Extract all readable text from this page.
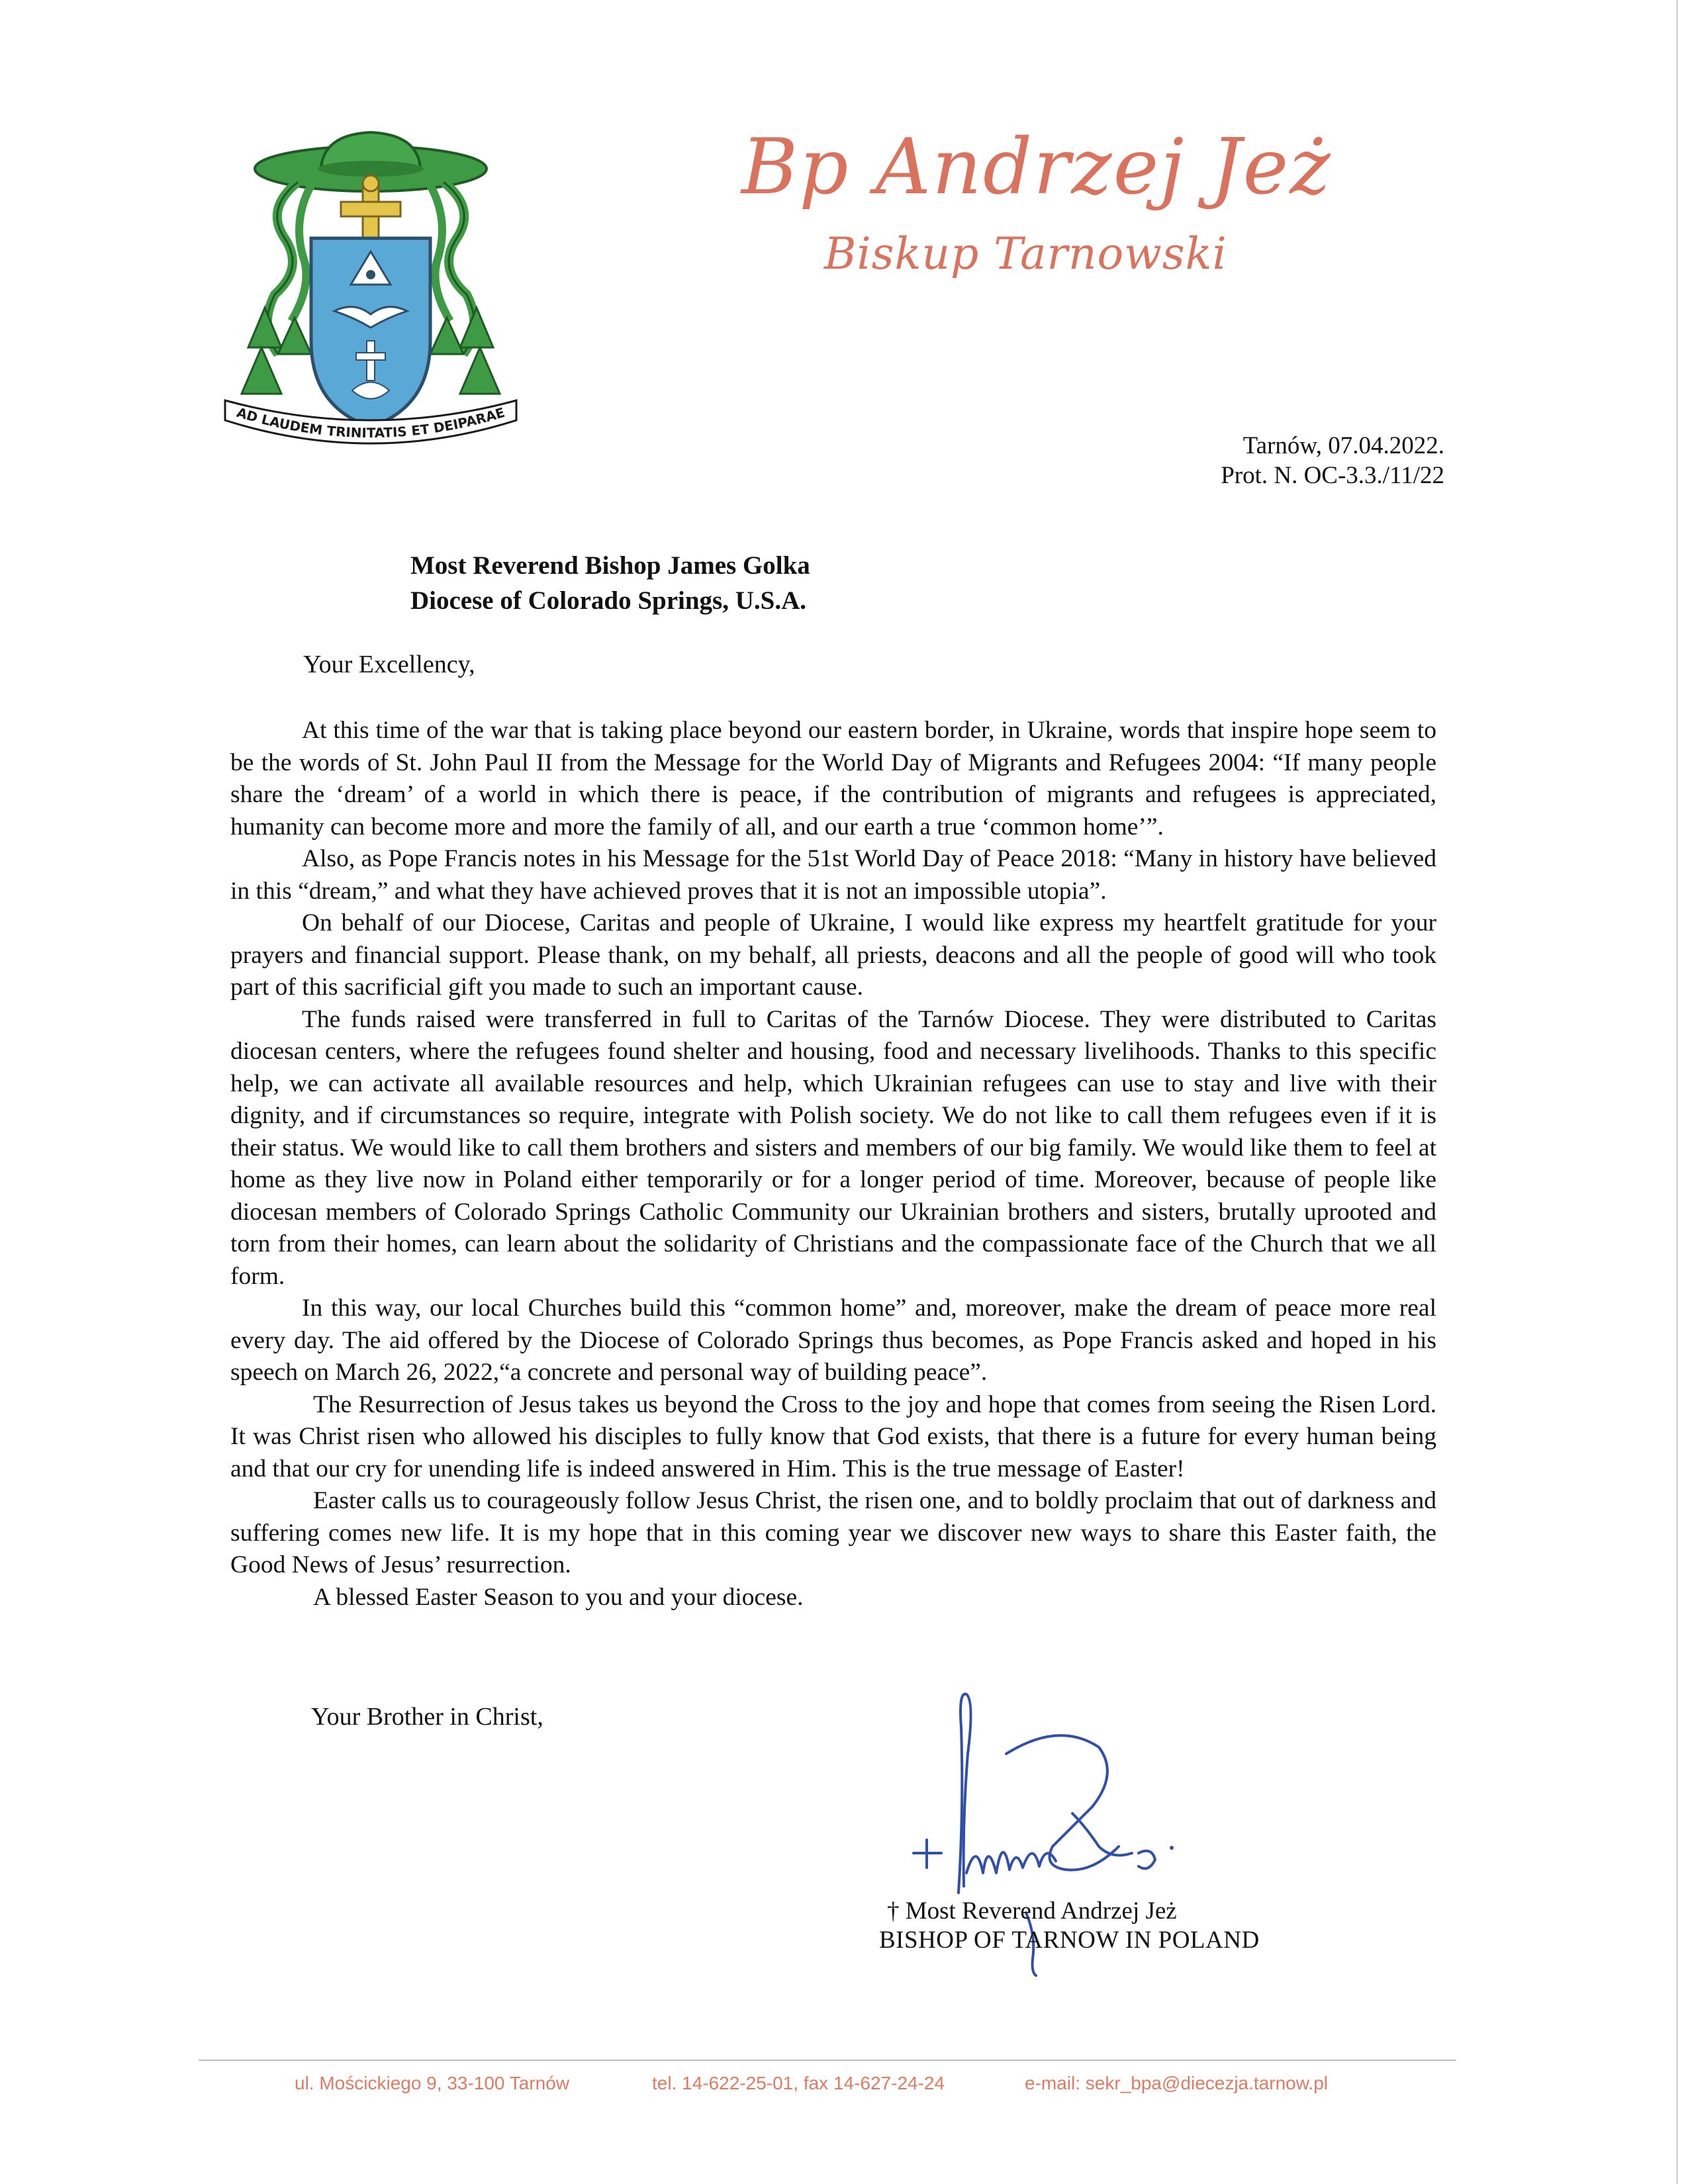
AD LAUDEM TRINITATIS ET DEIPARAE
Bp Andrzej Jeż
Biskup Tarnowski
Tarnów, 07.04.2022.
Prot. N. OC-3.3./11/22
Most Reverend Bishop James Golka
Diocese of Colorado Springs, U.S.A.
Your Excellency,

At this time of the war that is taking place beyond our eastern border, in Ukraine, words that inspire hope seem to be the words of St. John Paul II from the Message for the World Day of Migrants and Refugees 2004: “If many people share the ‘dream’ of a world in which there is peace, if the contribution of migrants and refugees is appreciated, humanity can become more and more the family of all, and our earth a true ‘common home’”.

Also, as Pope Francis notes in his Message for the 51st World Day of Peace 2018: “Many in history have believed in this “dream,” and what they have achieved proves that it is not an impossible utopia”.

On behalf of our Diocese, Caritas and people of Ukraine, I would like express my heartfelt gratitude for your prayers and financial support. Please thank, on my behalf, all priests, deacons and all the people of good will who took part of this sacrificial gift you made to such an important cause.

The funds raised were transferred in full to Caritas of the Tarnów Diocese. They were distributed to Caritas diocesan centers, where the refugees found shelter and housing, food and necessary livelihoods. Thanks to this specific help, we can activate all available resources and help, which Ukrainian refugees can use to stay and live with their dignity, and if circumstances so require, integrate with Polish society. We do not like to call them refugees even if it is their status. We would like to call them brothers and sisters and members of our big family. We would like them to feel at home as they live now in Poland either temporarily or for a longer period of time. Moreover, because of people like diocesan members of Colorado Springs Catholic Community our Ukrainian brothers and sisters, brutally uprooted and torn from their homes, can learn about the solidarity of Christians and the compassionate face of the Church that we all form.

In this way, our local Churches build this “common home” and, moreover, make the dream of peace more real every day. The aid offered by the Diocese of Colorado Springs thus becomes, as Pope Francis asked and hoped in his speech on March 26, 2022,“a concrete and personal way of building peace”.

The Resurrection of Jesus takes us beyond the Cross to the joy and hope that comes from seeing the Risen Lord. It was Christ risen who allowed his disciples to fully know that God exists, that there is a future for every human being and that our cry for unending life is indeed answered in Him. This is the true message of Easter!

Easter calls us to courageously follow Jesus Christ, the risen one, and to boldly proclaim that out of darkness and suffering comes new life. It is my hope that in this coming year we discover new ways to share this Easter faith, the Good News of Jesus’ resurrection.

A blessed Easter Season to you and your diocese.

Your Brother in Christ,
† Most Reverend Andrzej Jeż
BISHOP OF TARNOW IN POLAND
ul. Mościckiego 9, 33-100 Tarnów	tel. 14-622-25-01, fax 14-627-24-24	e-mail: sekr_bpa@diecezja.tarnow.pl
